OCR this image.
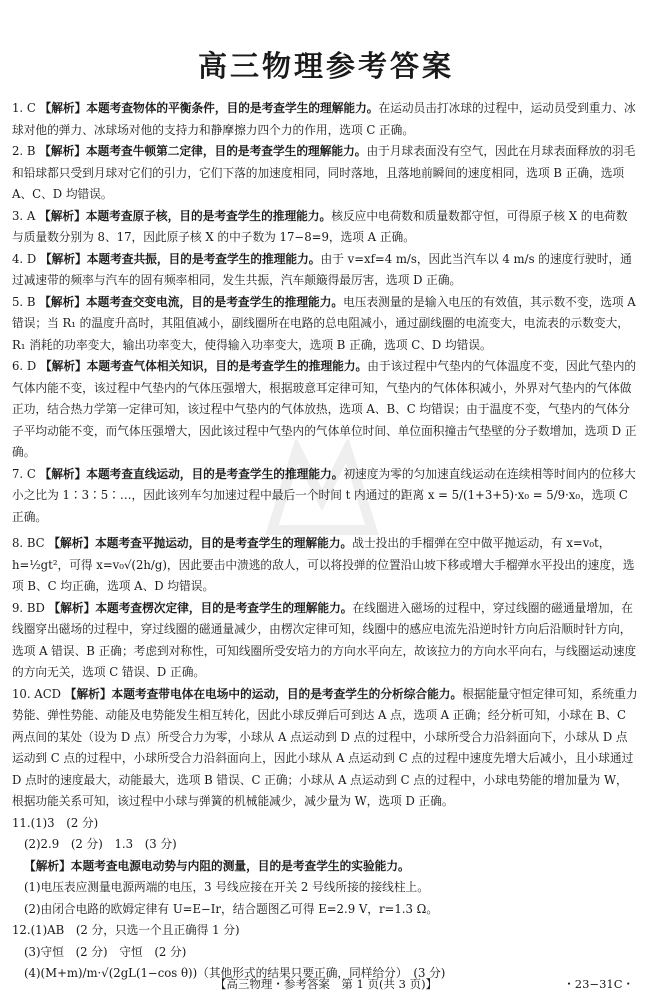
高三物理参考答案
1. C 【解析】本题考查物体的平衡条件，目的是考查学生的理解能力。在运动员击打冰球的过程中，运动员受到重力、冰球对他的弹力、冰球场对他的支持力和静摩擦力四个力的作用，选项 C 正确。
2. B 【解析】本题考查牛顿第二定律，目的是考查学生的理解能力。由于月球表面没有空气，因此在月球表面释放的羽毛和铅球都只受到月球对它们的引力，它们下落的加速度相同，同时落地，且落地前瞬间的速度相同，选项 B 正确，选项 A、C、D 均错误。
3. A 【解析】本题考查原子核，目的是考查学生的推理能力。核反应中电荷数和质量数都守恒，可得原子核 X 的电荷数与质量数分别为 8、17，因此原子核 X 的中子数为 17−8=9，选项 A 正确。
4. D 【解析】本题考查共振，目的是考查学生的推理能力。由于 v=xf=4 m/s，因此当汽车以 4 m/s 的速度行驶时，通过减速带的频率与汽车的固有频率相同，发生共振，汽车颠簸得最厉害，选项 D 正确。
5. B 【解析】本题考查交变电流，目的是考查学生的推理能力。电压表测量的是输入电压的有效值，其示数不变，选项 A 错误；当 R₁ 的温度升高时，其阻值减小，副线圈所在电路的总电阻减小，通过副线圈的电流变大，电流表的示数变大，R₁ 消耗的功率变大，输出功率变大，使得输入功率变大，选项 B 正确，选项 C、D 均错误。
6. D 【解析】本题考查气体相关知识，目的是考查学生的推理能力。由于该过程中气垫内的气体温度不变，因此气垫内的气体内能不变，该过程中气垫内的气体压强增大，根据玻意耳定律可知，气垫内的气体体积减小，外界对气垫内的气体做正功，结合热力学第一定律可知，该过程中气垫内的气体放热，选项 A、B、C 均错误；由于温度不变，气垫内的气体分子平均动能不变，而气体压强增大，因此该过程中气垫内的气体单位时间、单位面积撞击气垫壁的分子数增加，选项 D 正确。
7. C 【解析】本题考查直线运动，目的是考查学生的推理能力。初速度为零的匀加速直线运动在连续相等时间内的位移大小之比为 1∶3∶5∶…，因此该列车匀加速过程中最后一个时间 t 内通过的距离 x = 5/(1+3+5)·x₀ = 5/9·x₀，选项 C 正确。
8. BC 【解析】本题考查平抛运动，目的是考查学生的理解能力。战士投出的手榴弹在空中做平抛运动，有 x=v₀t，h=½gt²，可得 x=v₀√(2h/g)，因此要击中溃逃的敌人，可以将投弹的位置沿山坡下移或增大手榴弹水平投出的速度，选项 B、C 均正确，选项 A、D 均错误。
9. BD 【解析】本题考查楞次定律，目的是考查学生的理解能力。在线圈进入磁场的过程中，穿过线圈的磁通量增加，在线圈穿出磁场的过程中，穿过线圈的磁通量减少，由楞次定律可知，线圈中的感应电流先沿逆时针方向后沿顺时针方向，选项 A 错误、B 正确；考虑到对称性，可知线圈所受安培力的方向水平向左，故该拉力的方向水平向右，与线圈运动速度的方向无关，选项 C 错误、D 正确。
10. ACD 【解析】本题考查带电体在电场中的运动，目的是考查学生的分析综合能力。根据能量守恒定律可知，系统重力势能、弹性势能、动能及电势能发生相互转化，因此小球反弹后可到达 A 点，选项 A 正确；经分析可知，小球在 B、C 两点间的某处（设为 D 点）所受合力为零，小球从 A 点运动到 D 点的过程中，小球所受合力沿斜面向下，小球从 D 点运动到 C 点的过程中，小球所受合力沿斜面向上，因此小球从 A 点运动到 C 点的过程中速度先增大后减小，且小球通过 D 点时的速度最大，动能最大，选项 B 错误、C 正确；小球从 A 点运动到 C 点的过程中，小球电势能的增加量为 W，根据功能关系可知，该过程中小球与弹簧的机械能减少，减少量为 W，选项 D 正确。
11.(1)3　(2 分)
(2)2.9　(2 分)　1.3　(3 分)
【解析】本题考查电源电动势与内阻的测量，目的是考查学生的实验能力。
(1)电压表应测量电源两端的电压，3 号线应接在开关 2 号线所接的接线柱上。
(2)由闭合电路的欧姆定律有 U=E−Ir，结合题图乙可得 E=2.9 V，r=1.3 Ω。
12.(1)AB　(2 分，只选一个且正确得 1 分)
(3)守恒　(2 分)　守恒　(2 分)
(4)(M+m)/m·√(2gL(1−cos θ))（其他形式的结果只要正确，同样给分）　(3 分)
【高三物理・参考答案　第 1 页(共 3 页)】	・23−31C・
